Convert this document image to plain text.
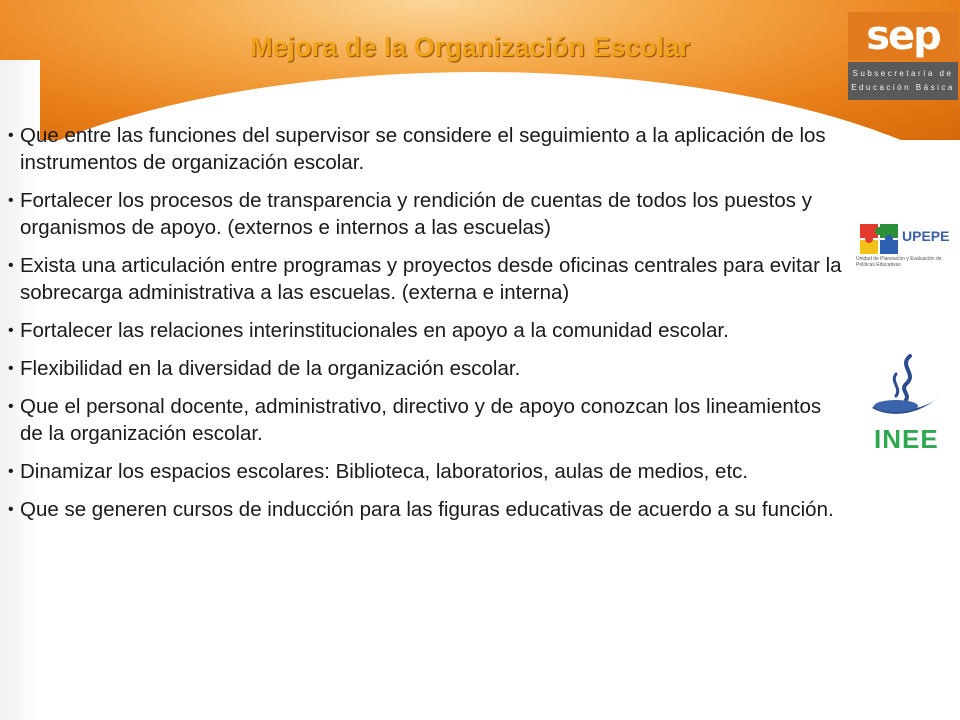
Mejora de la Organización Escolar	sep
Subsecretaría de
Educación Básica
UPEPE
Unidad de Planeación y Evaluación de Políticas Educativas
INEE
• Que entre las funciones del supervisor se considere el seguimiento a la aplicación de los instrumentos de organización escolar.
• Fortalecer los procesos de transparencia y rendición de cuentas de todos los puestos y organismos de apoyo. (externos e internos a las escuelas)
• Exista una articulación entre programas y proyectos desde oficinas centrales para evitar la sobrecarga administrativa a las escuelas. (externa e interna)
• Fortalecer las relaciones interinstitucionales en apoyo a la comunidad escolar.
• Flexibilidad en la diversidad de la organización escolar.
• Que el personal docente, administrativo, directivo y de apoyo conozcan los lineamientos de la organización escolar.
• Dinamizar los espacios escolares: Biblioteca, laboratorios, aulas de medios, etc.
• Que se generen cursos de inducción para las figuras educativas de acuerdo a su función.
